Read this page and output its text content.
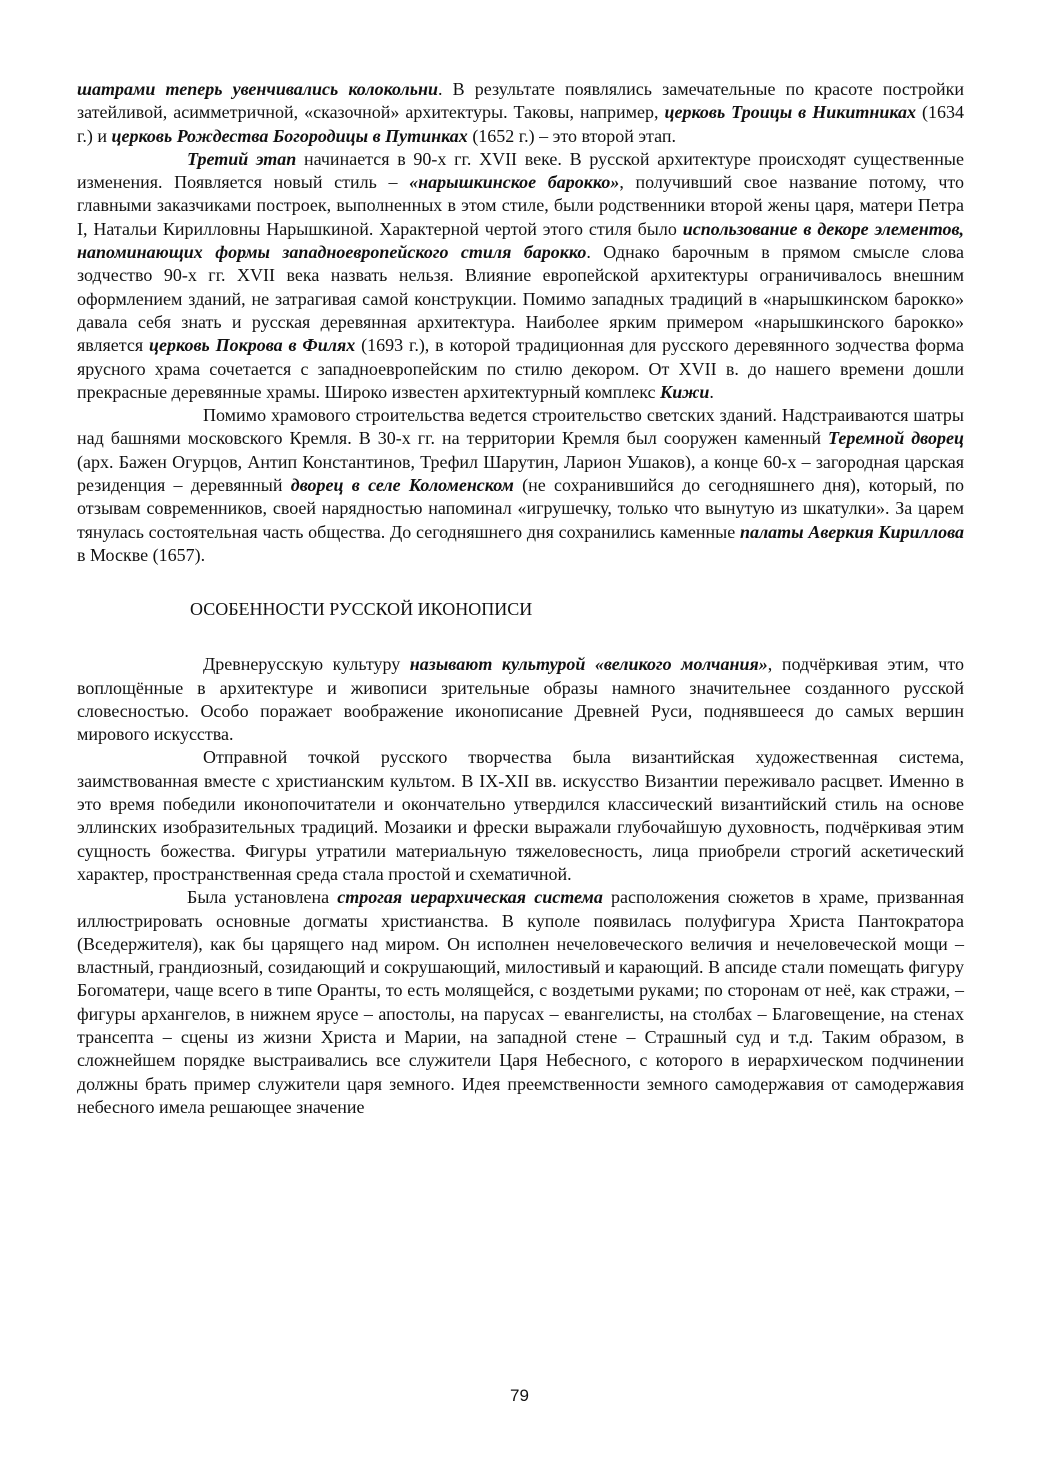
шатрами теперь увенчивались колокольни. В результате появлялись замечательные по красоте постройки затейливой, асимметричной, «сказочной» архитектуры. Таковы, например, церковь Троицы в Никитниках (1634 г.) и церковь Рождества Богородицы в Путинках (1652 г.) – это второй этап.

Третий этап начинается в 90-х гг. XVII веке. В русской архитектуре происходят существенные изменения. Появляется новый стиль – «нарышкинское барокко», получивший свое название потому, что главными заказчиками построек, выполненных в этом стиле, были родственники второй жены царя, матери Петра I, Натальи Кирилловны Нарышкиной. Характерной чертой этого стиля было использование в декоре элементов, напоминающих формы западноевропейского стиля барокко. Однако барочным в прямом смысле слова зодчество 90-х гг. XVII века назвать нельзя. Влияние европейской архитектуры ограничивалось внешним оформлением зданий, не затрагивая самой конструкции. Помимо западных традиций в «нарышкинском барокко» давала себя знать и русская деревянная архитектура. Наиболее ярким примером «нарышкинского барокко» является церковь Покрова в Филях (1693 г.), в которой традиционная для русского деревянного зодчества форма ярусного храма сочетается с западноевропейским по стилю декором. От XVII в. до нашего времени дошли прекрасные деревянные храмы. Широко известен архитектурный комплекс Кижи.

Помимо храмового строительства ведется строительство светских зданий. Надстраиваются шатры над башнями московского Кремля. В 30-х гг. на территории Кремля был сооружен каменный Теремной дворец (арх. Бажен Огурцов, Антип Константинов, Трефил Шарутин, Ларион Ушаков), а конце 60-х – загородная царская резиденция – деревянный дворец в селе Коломенском (не сохранившийся до сегодняшнего дня), который, по отзывам современников, своей нарядностью напоминал «игрушечку, только что вынутую из шкатулки». За царем тянулась состоятельная часть общества. До сегодняшнего дня сохранились каменные палаты Аверкия Кириллова в Москве (1657).

ОСОБЕННОСТИ РУССКОЙ ИКОНОПИСИ

Древнерусскую культуру называют культурой «великого молчания», подчёркивая этим, что воплощённые в архитектуре и живописи зрительные образы намного значительнее созданного русской словесностью. Особо поражает воображение иконописание Древней Руси, поднявшееся до самых вершин мирового искусства.

Отправной точкой русского творчества была византийская художественная система, заимствованная вместе с христианским культом. В IX-XII вв. искусство Византии переживало расцвет. Именно в это время победили иконопочитатели и окончательно утвердился классический византийский стиль на основе эллинских изобразительных традиций. Мозаики и фрески выражали глубочайшую духовность, подчёркивая этим сущность божества. Фигуры утратили материальную тяжеловесность, лица приобрели строгий аскетический характер, пространственная среда стала простой и схематичной.

Была установлена строгая иерархическая система расположения сюжетов в храме, призванная иллюстрировать основные догматы христианства. В куполе появилась полуфигура Христа Пантократора (Вседержителя), как бы царящего над миром. Он исполнен нечеловеческого величия и нечеловеческой мощи – властный, грандиозный, созидающий и сокрушающий, милостивый и карающий. В апсиде стали помещать фигуру Богоматери, чаще всего в типе Оранты, то есть молящейся, с воздетыми руками; по сторонам от неё, как стражи, – фигуры архангелов, в нижнем ярусе – апостолы, на парусах – евангелисты, на столбах – Благовещение, на стенах трансепта – сцены из жизни Христа и Марии, на западной стене – Страшный суд и т.д. Таким образом, в сложнейшем порядке выстраивались все служители Царя Небесного, с которого в иерархическом подчинении должны брать пример служители царя земного. Идея преемственности земного самодержавия от самодержавия небесного имела решающее значение

79
